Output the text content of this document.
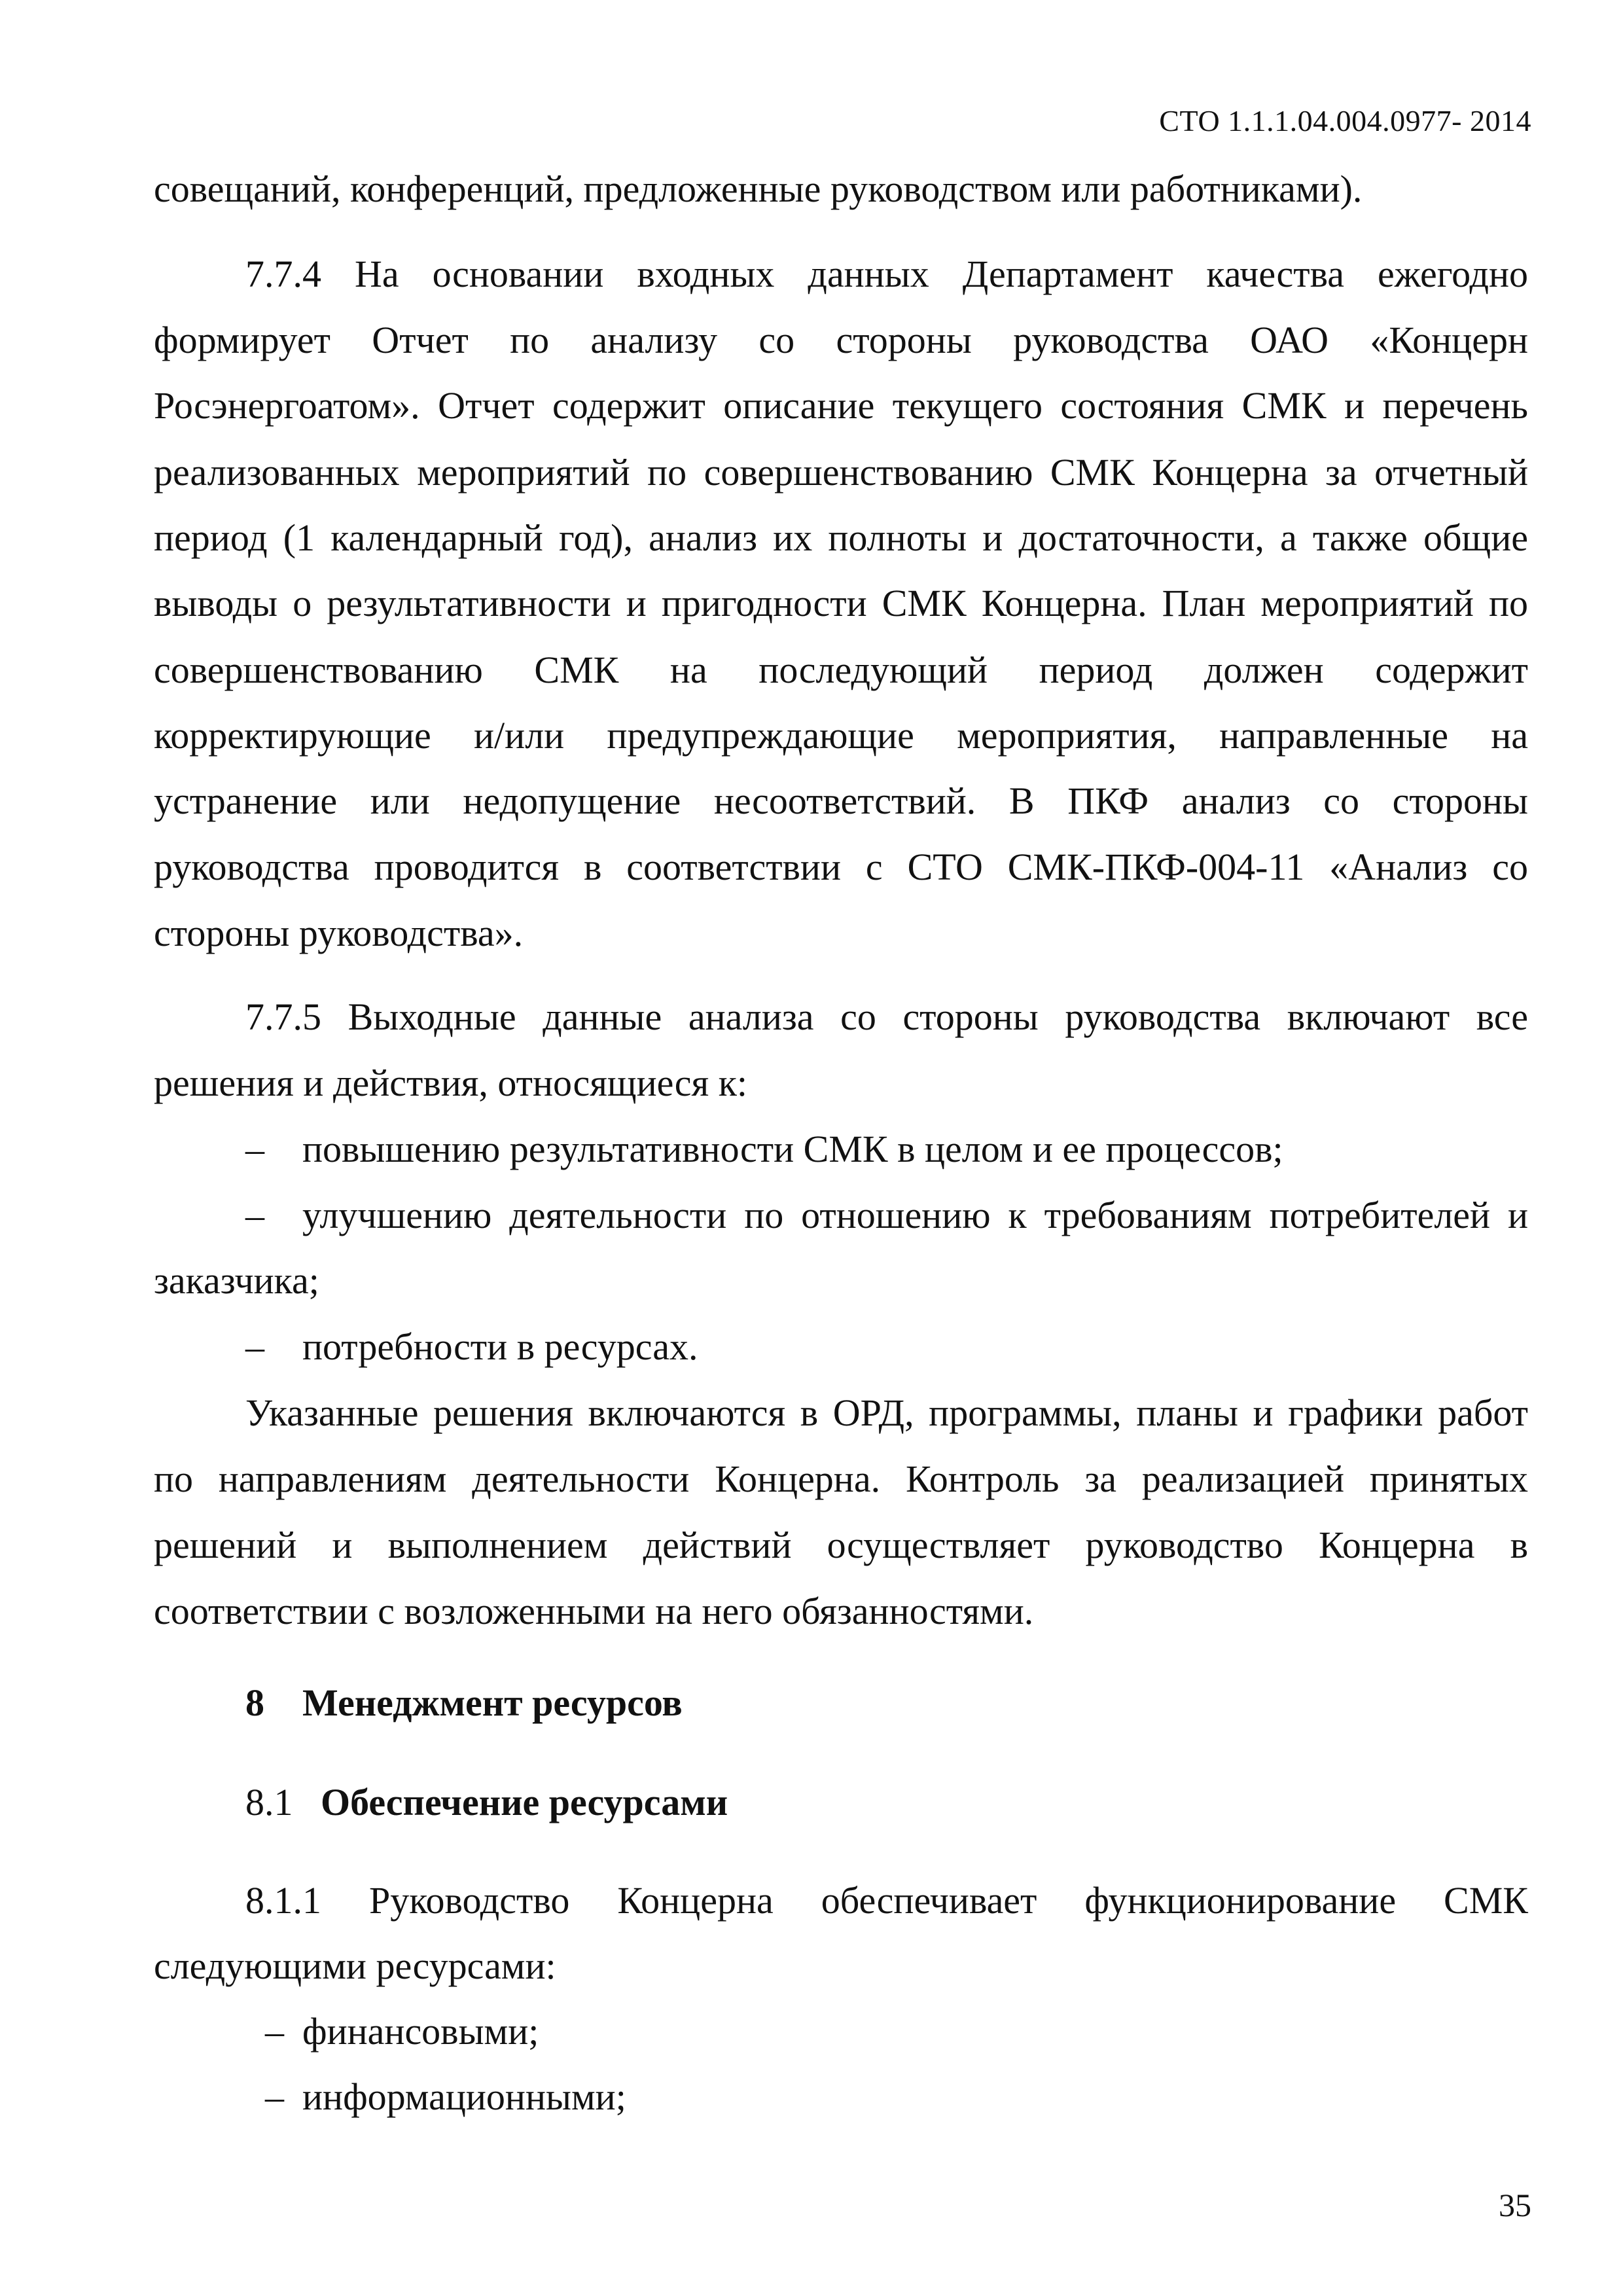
СТО 1.1.1.04.004.0977- 2014
совещаний, конференций, предложенные руководством или работниками).
7.7.4 На основании входных данных Департамент качества ежегодно
формирует Отчет по анализу со стороны руководства ОАО «Концерн
Росэнергоатом». Отчет содержит описание текущего состояния СМК и перечень
реализованных мероприятий по совершенствованию СМК Концерна за отчетный
период (1 календарный год), анализ их полноты и достаточности, а также общие
выводы о результативности и пригодности СМК Концерна. План мероприятий по
совершенствованию СМК на последующий период должен содержит
корректирующие и/или предупреждающие мероприятия, направленные на
устранение или недопущение несоответствий. В ПКФ анализ со стороны
руководства проводится в соответствии с СТО СМК-ПКФ-004-11 «Анализ со
стороны руководства».
7.7.5 Выходные данные анализа со стороны руководства включают все
решения и действия, относящиеся к:
–	повышению результативности СМК в целом и ее процессов;
–	улучшению деятельности по отношению к требованиям потребителей и
заказчика;
–	потребности в ресурсах.
Указанные решения включаются в ОРД, программы, планы и графики работ
по направлениям деятельности Концерна. Контроль за реализацией принятых
решений и выполнением действий осуществляет руководство Концерна в
соответствии с возложенными на него обязанностями.
8 Менеджмент ресурсов
8.1 Обеспечение ресурсами
8.1.1 Руководство Концерна обеспечивает функционирование СМК
следующими ресурсами:
– финансовыми;
– информационными;
35
